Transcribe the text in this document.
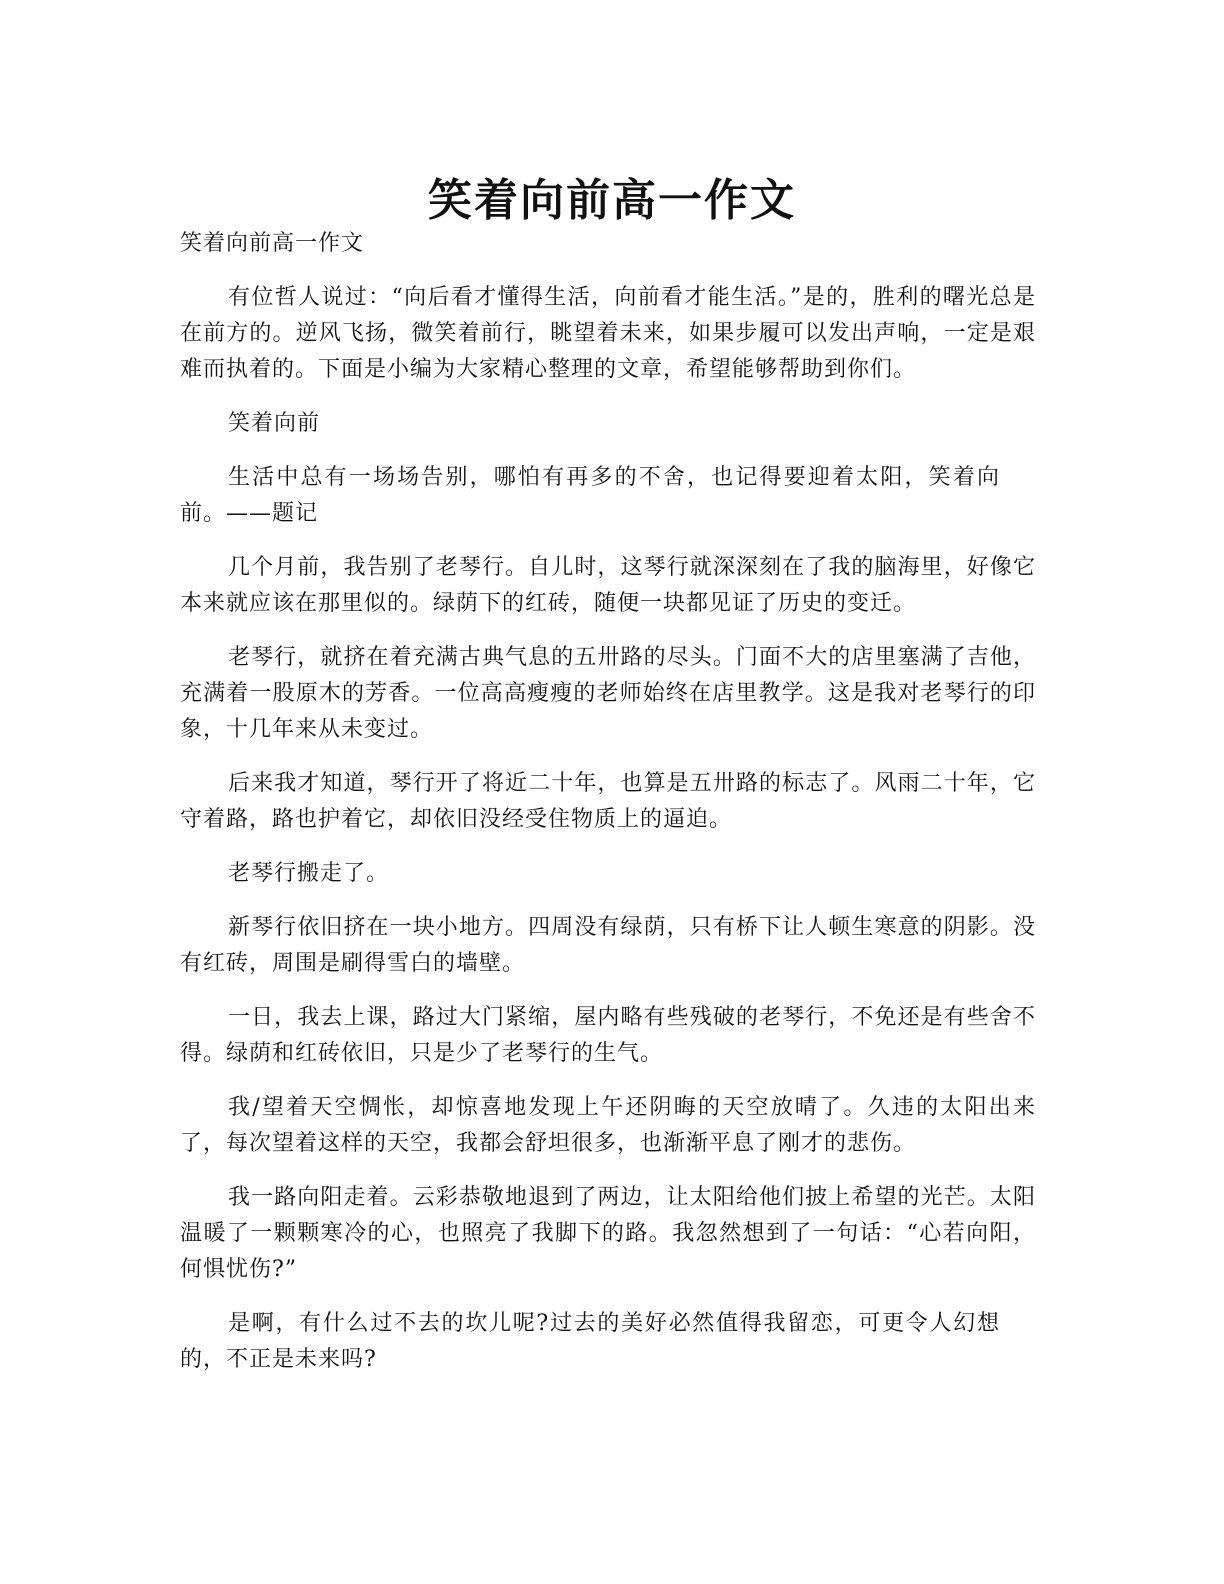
笑着向前高一作文

笑着向前高一作文

有位哲人说过：“向后看才懂得生活，向前看才能生活。”是的，胜利的曙光总是在前方的。逆风飞扬，微笑着前行，眺望着未来，如果步履可以发出声响，一定是艰难而执着的。下面是小编为大家精心整理的文章，希望能够帮助到你们。

笑着向前

生活中总有一场场告别，哪怕有再多的不舍，也记得要迎着太阳，笑着向前。——题记

几个月前，我告别了老琴行。自儿时，这琴行就深深刻在了我的脑海里，好像它本来就应该在那里似的。绿荫下的红砖，随便一块都见证了历史的变迁。

老琴行，就挤在着充满古典气息的五卅路的尽头。门面不大的店里塞满了吉他，充满着一股原木的芳香。一位高高瘦瘦的老师始终在店里教学。这是我对老琴行的印象，十几年来从未变过。

后来我才知道，琴行开了将近二十年，也算是五卅路的标志了。风雨二十年，它守着路，路也护着它，却依旧没经受住物质上的逼迫。

老琴行搬走了。

新琴行依旧挤在一块小地方。四周没有绿荫，只有桥下让人顿生寒意的阴影。没有红砖，周围是刷得雪白的墙壁。

一日，我去上课，路过大门紧缩，屋内略有些残破的老琴行，不免还是有些舍不得。绿荫和红砖依旧，只是少了老琴行的生气。

我/望着天空惆怅，却惊喜地发现上午还阴晦的天空放晴了。久违的太阳出来了，每次望着这样的天空，我都会舒坦很多，也渐渐平息了刚才的悲伤。

我一路向阳走着。云彩恭敬地退到了两边，让太阳给他们披上希望的光芒。太阳温暖了一颗颗寒冷的心，也照亮了我脚下的路。我忽然想到了一句话：“心若向阳，何惧忧伤?”

是啊，有什么过不去的坎儿呢?过去的美好必然值得我留恋，可更令人幻想的，不正是未来吗?
